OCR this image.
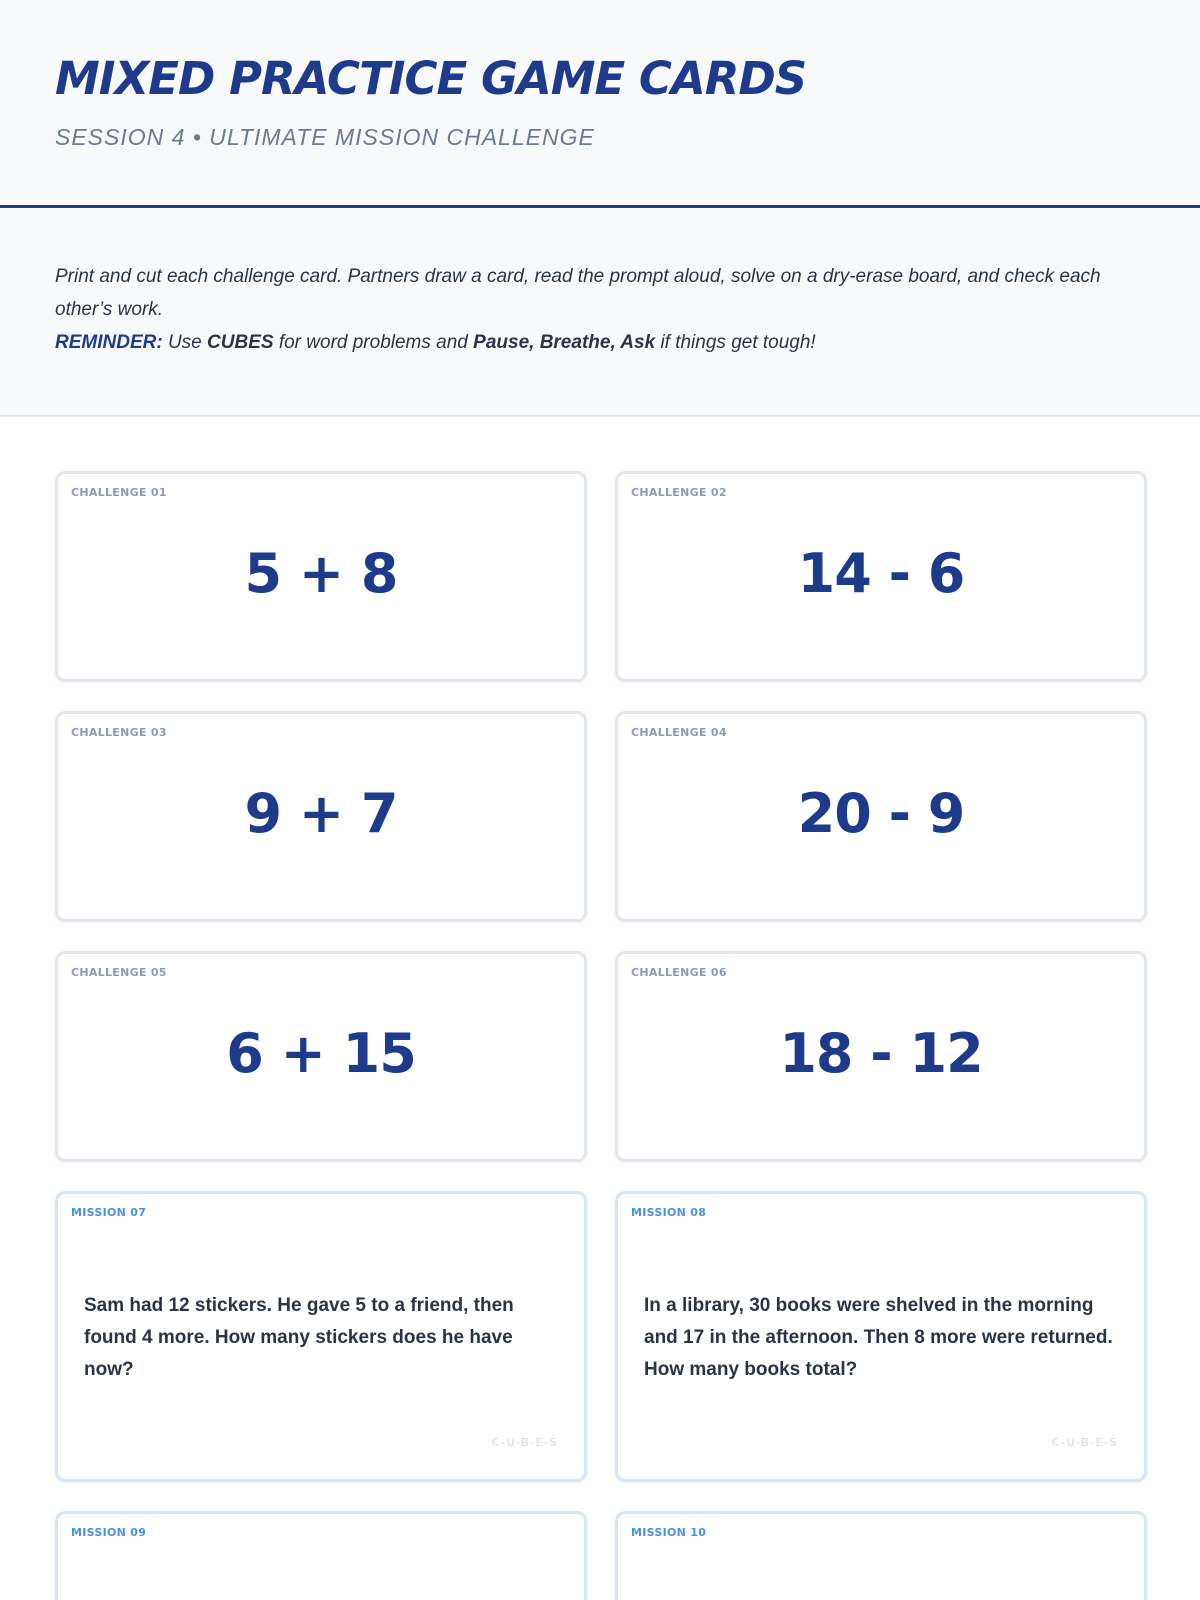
MIXED PRACTICE GAME CARDS
SESSION 4 • ULTIMATE MISSION CHALLENGE

Print and cut each challenge card. Partners draw a card, read the prompt aloud, solve on a dry-erase board, and check each other’s work.
REMINDER: Use CUBES for word problems and Pause, Breathe, Ask if things get tough!

CHALLENGE 01
5 + 8
CHALLENGE 02
14 - 6
CHALLENGE 03
9 + 7
CHALLENGE 04
20 - 9
CHALLENGE 05
6 + 15
CHALLENGE 06
18 - 12
MISSION 07

Sam had 12 stickers. He gave 5 to a friend, then found 4 more. How many stickers does he have now?

C-U-B-E-S
MISSION 08

In a library, 30 books were shelved in the morning and 17 in the afternoon. Then 8 more were returned. How many books total?

C-U-B-E-S
MISSION 09	MISSION 10
